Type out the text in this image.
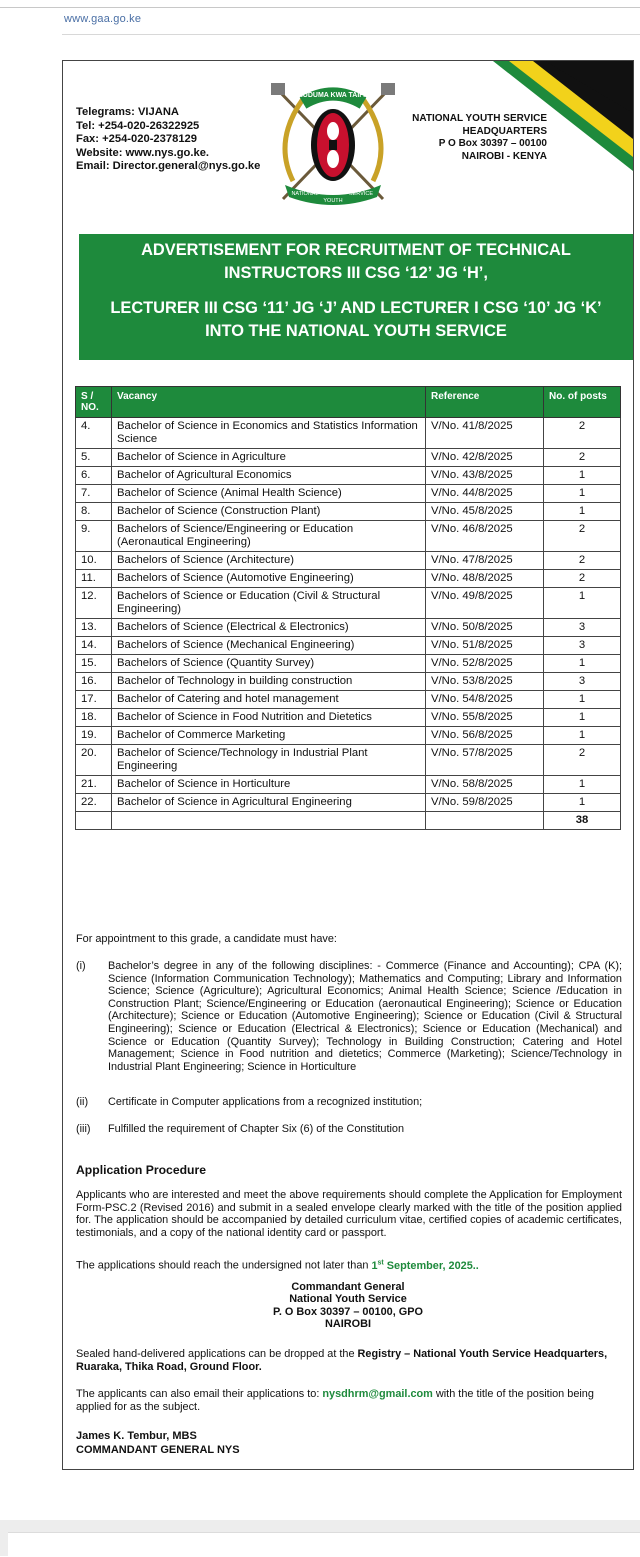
www.gaa.go.ke
Telegrams: VIJANA
Tel: +254-020-26322925
Fax: +254-020-2378129
Website: www.nys.go.ke.
Email: Director.general@nys.go.ke
HUDUMA KWA TAIFA
NATIONAL
YOUTH
SERVICE
NATIONAL YOUTH SERVICE
HEADQUARTERS
P O Box 30397 – 00100
NAIROBI - KENYA
ADVERTISEMENT FOR RECRUITMENT OF TECHNICAL
INSTRUCTORS III CSG ‘12’ JG ‘H’,
LECTURER III CSG ‘11’ JG ‘J’ AND LECTURER I CSG ‘10’ JG ‘K’
INTO THE NATIONAL YOUTH SERVICE
S / NO.	Vacancy	Reference	No. of posts
4.	Bachelor of Science in Economics and Statistics Information Science	V/No. 41/8/2025	2
5.	Bachelor of Science in Agriculture	V/No. 42/8/2025	2
6.	Bachelor of Agricultural Economics	V/No. 43/8/2025	1
7.	Bachelor of Science (Animal Health Science)	V/No. 44/8/2025	1
8.	Bachelor of Science (Construction Plant)	V/No. 45/8/2025	1
9.	Bachelors of Science/Engineering or Education (Aeronautical Engineering)	V/No. 46/8/2025	2
10.	Bachelors of Science (Architecture)	V/No. 47/8/2025	2
11.	Bachelors of Science (Automotive Engineering)	V/No. 48/8/2025	2
12.	Bachelors of Science or Education (Civil & Structural Engineering)	V/No. 49/8/2025	1
13.	Bachelors of Science (Electrical & Electronics)	V/No. 50/8/2025	3
14.	Bachelors of Science (Mechanical Engineering)	V/No. 51/8/2025	3
15.	Bachelors of Science (Quantity Survey)	V/No. 52/8/2025	1
16.	Bachelor of Technology in building construction	V/No. 53/8/2025	3
17.	Bachelor of Catering and hotel management	V/No. 54/8/2025	1
18.	Bachelor of Science in Food Nutrition and Dietetics	V/No. 55/8/2025	1
19.	Bachelor of Commerce Marketing	V/No. 56/8/2025	1
20.	Bachelor of Science/Technology in Industrial Plant Engineering	V/No. 57/8/2025	2
21.	Bachelor of Science in Horticulture	V/No. 58/8/2025	1
22.	Bachelor of Science in Agricultural Engineering	V/No. 59/8/2025	1
			38
For appointment to this grade, a candidate must have:
(i)	Bachelor’s degree in any of the following disciplines: - Commerce (Finance and Accounting); CPA (K); Science (Information Communication Technology); Mathematics and Computing; Library and Information Science; Science (Agriculture); Agricultural Economics; Animal Health Science; Science /Education in Construction Plant; Science/Engineering or Education (aeronautical Engineering); Science or Education (Architecture); Science or Education (Automotive Engineering); Science or Education (Civil & Structural Engineering); Science or Education (Electrical & Electronics); Science or Education (Mechanical) and Science or Education (Quantity Survey); Technology in Building Construction; Catering and Hotel Management; Science in Food nutrition and dietetics; Commerce (Marketing); Science/Technology in Industrial Plant Engineering; Science in Horticulture
(ii)	Certificate in Computer applications from a recognized institution;
(iii)	Fulfilled the requirement of Chapter Six (6) of the Constitution
Application Procedure
Applicants who are interested and meet the above requirements should complete the Application for Employment Form-PSC.2 (Revised 2016) and submit in a sealed envelope clearly marked with the title of the position applied for. The application should be accompanied by detailed curriculum vitae, certified copies of academic certificates, testimonials, and a copy of the national identity card or passport.
The applications should reach the undersigned not later than 1st September, 2025..
Commandant General
National Youth Service
P. O Box 30397 – 00100, GPO
NAIROBI
Sealed hand-delivered applications can be dropped at the Registry – National Youth Service Headquarters, Ruaraka, Thika Road, Ground Floor.
The applicants can also email their applications to: nysdhrm@gmail.com with the title of the position being applied for as the subject.
James K. Tembur, MBS
COMMANDANT GENERAL NYS
